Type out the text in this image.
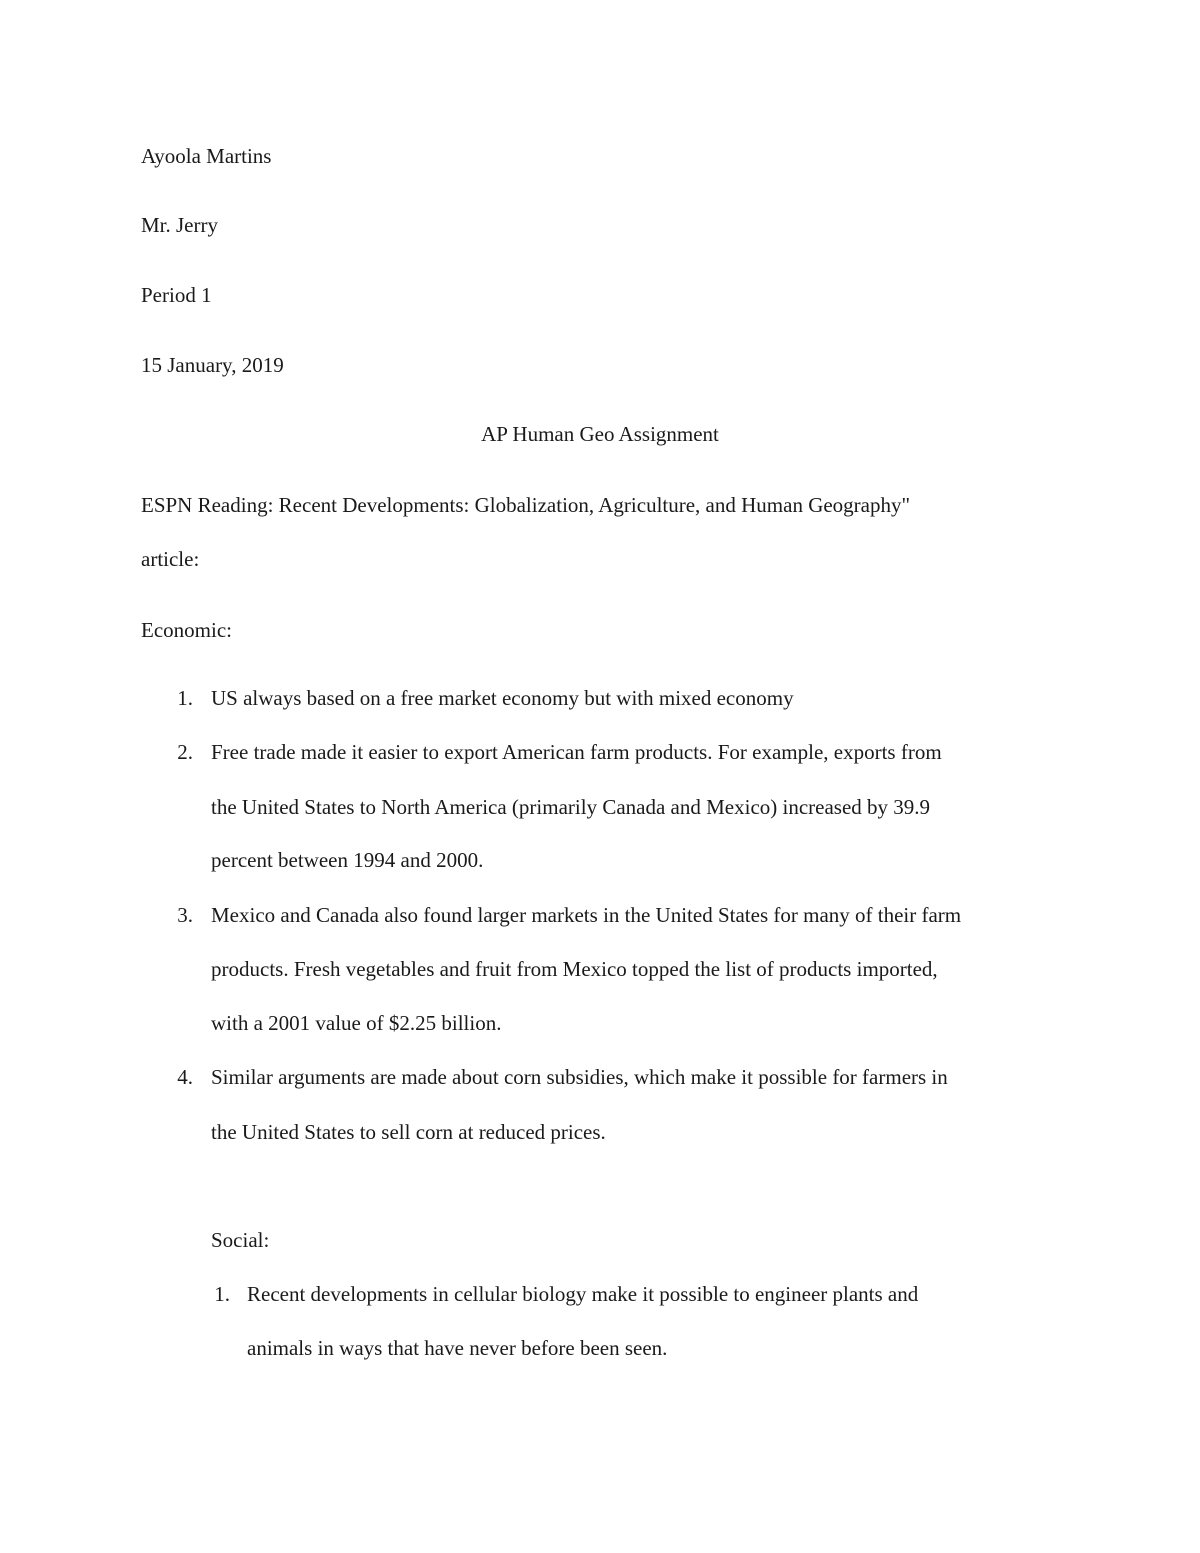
Ayoola Martins
Mr. Jerry
Period 1
15 January, 2019
AP Human Geo Assignment
ESPN Reading: Recent Developments: Globalization, Agriculture, and Human Geography"
article:
Economic:
1. US always based on a free market economy but with mixed economy
2. Free trade made it easier to export American farm products. For example, exports from
the United States to North America (primarily Canada and Mexico) increased by 39.9
percent between 1994 and 2000.
3. Mexico and Canada also found larger markets in the United States for many of their farm
products. Fresh vegetables and fruit from Mexico topped the list of products imported,
with a 2001 value of $2.25 billion.
4. Similar arguments are made about corn subsidies, which make it possible for farmers in
the United States to sell corn at reduced prices.
Social:
1. Recent developments in cellular biology make it possible to engineer plants and
animals in ways that have never before been seen.
